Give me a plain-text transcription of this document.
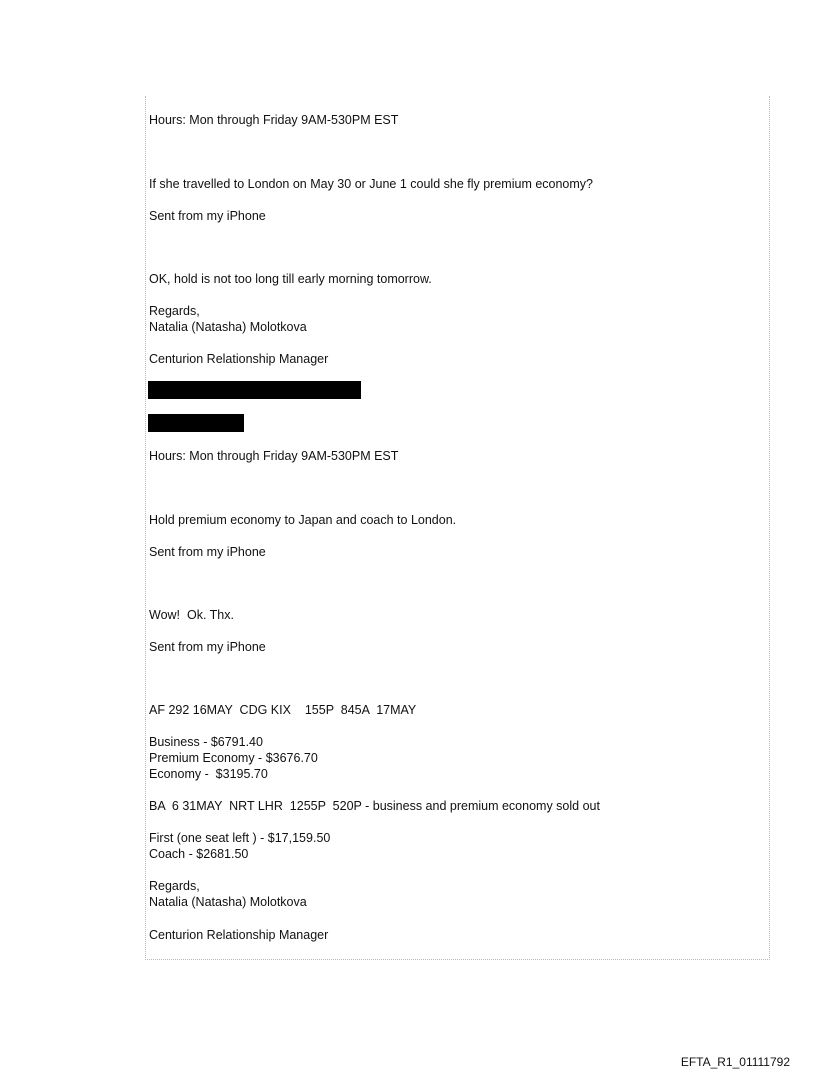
Hours: Mon through Friday 9AM-530PM EST
If she travelled to London on May 30 or June 1 could she fly premium economy?
Sent from my iPhone
OK, hold is not too long till early morning tomorrow.
Regards,
Natalia (Natasha) Molotkova
Centurion Relationship Manager
Hours: Mon through Friday 9AM-530PM EST
Hold premium economy to Japan and coach to London.
Sent from my iPhone
Wow!  Ok. Thx.
Sent from my iPhone
AF 292 16MAY  CDG KIX    155P  845A  17MAY
Business - $6791.40
Premium Economy - $3676.70
Economy -  $3195.70
BA  6 31MAY  NRT LHR  1255P  520P - business and premium economy sold out
First (one seat left ) - $17,159.50
Coach - $2681.50
Regards,
Natalia (Natasha) Molotkova
Centurion Relationship Manager
EFTA_R1_01111792
